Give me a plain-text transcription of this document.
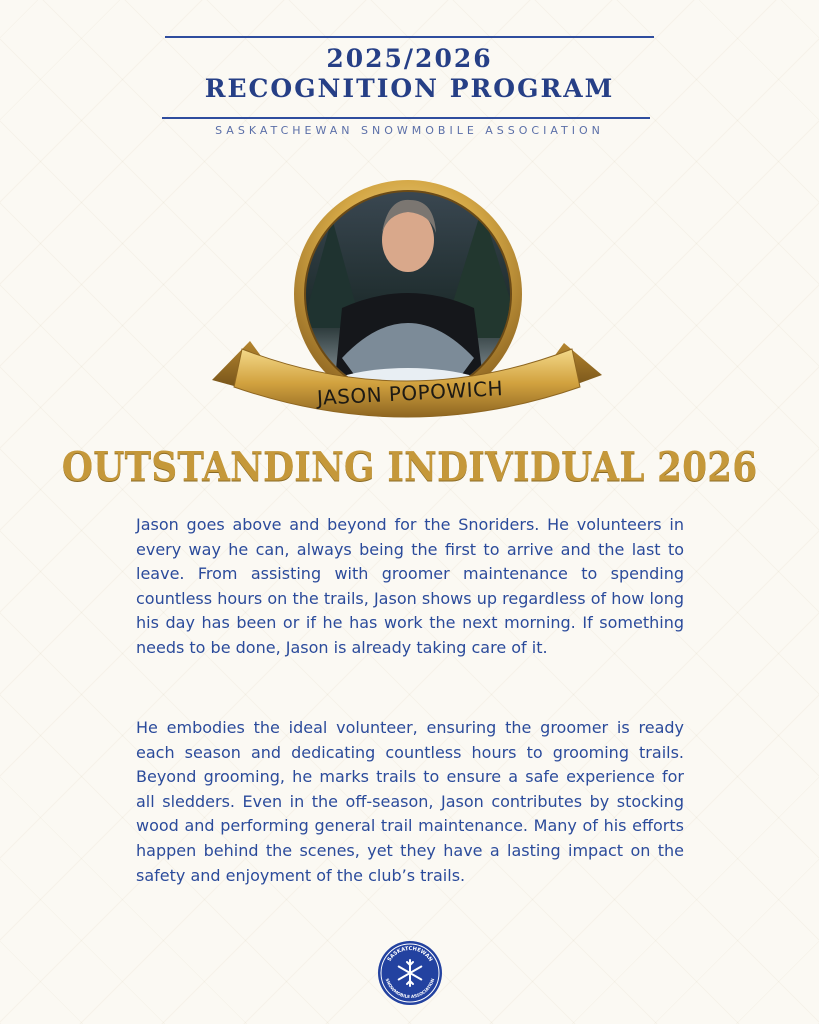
2025/2026
RECOGNITION PROGRAM
SASKATCHEWAN SNOWMOBILE ASSOCIATION
JASON POPOWICH
OUTSTANDING INDIVIDUAL 2026
Jason goes above and beyond for the Snoriders. He volunteers in every way he can, always being the first to arrive and the last to leave. From assisting with groomer maintenance to spending countless hours on the trails, Jason shows up regardless of how long his day has been or if he has work the next morning. If something needs to be done, Jason is already taking care of it.
He embodies the ideal volunteer, ensuring the groomer is ready each season and dedicating countless hours to grooming trails. Beyond grooming, he marks trails to ensure a safe experience for all sledders. Even in the off-season, Jason contributes by stocking wood and performing general trail maintenance. Many of his efforts happen behind the scenes, yet they have a lasting impact on the safety and enjoyment of the club’s trails.
SASKATCHEWAN
SNOWMOBILE ASSOCIATION
